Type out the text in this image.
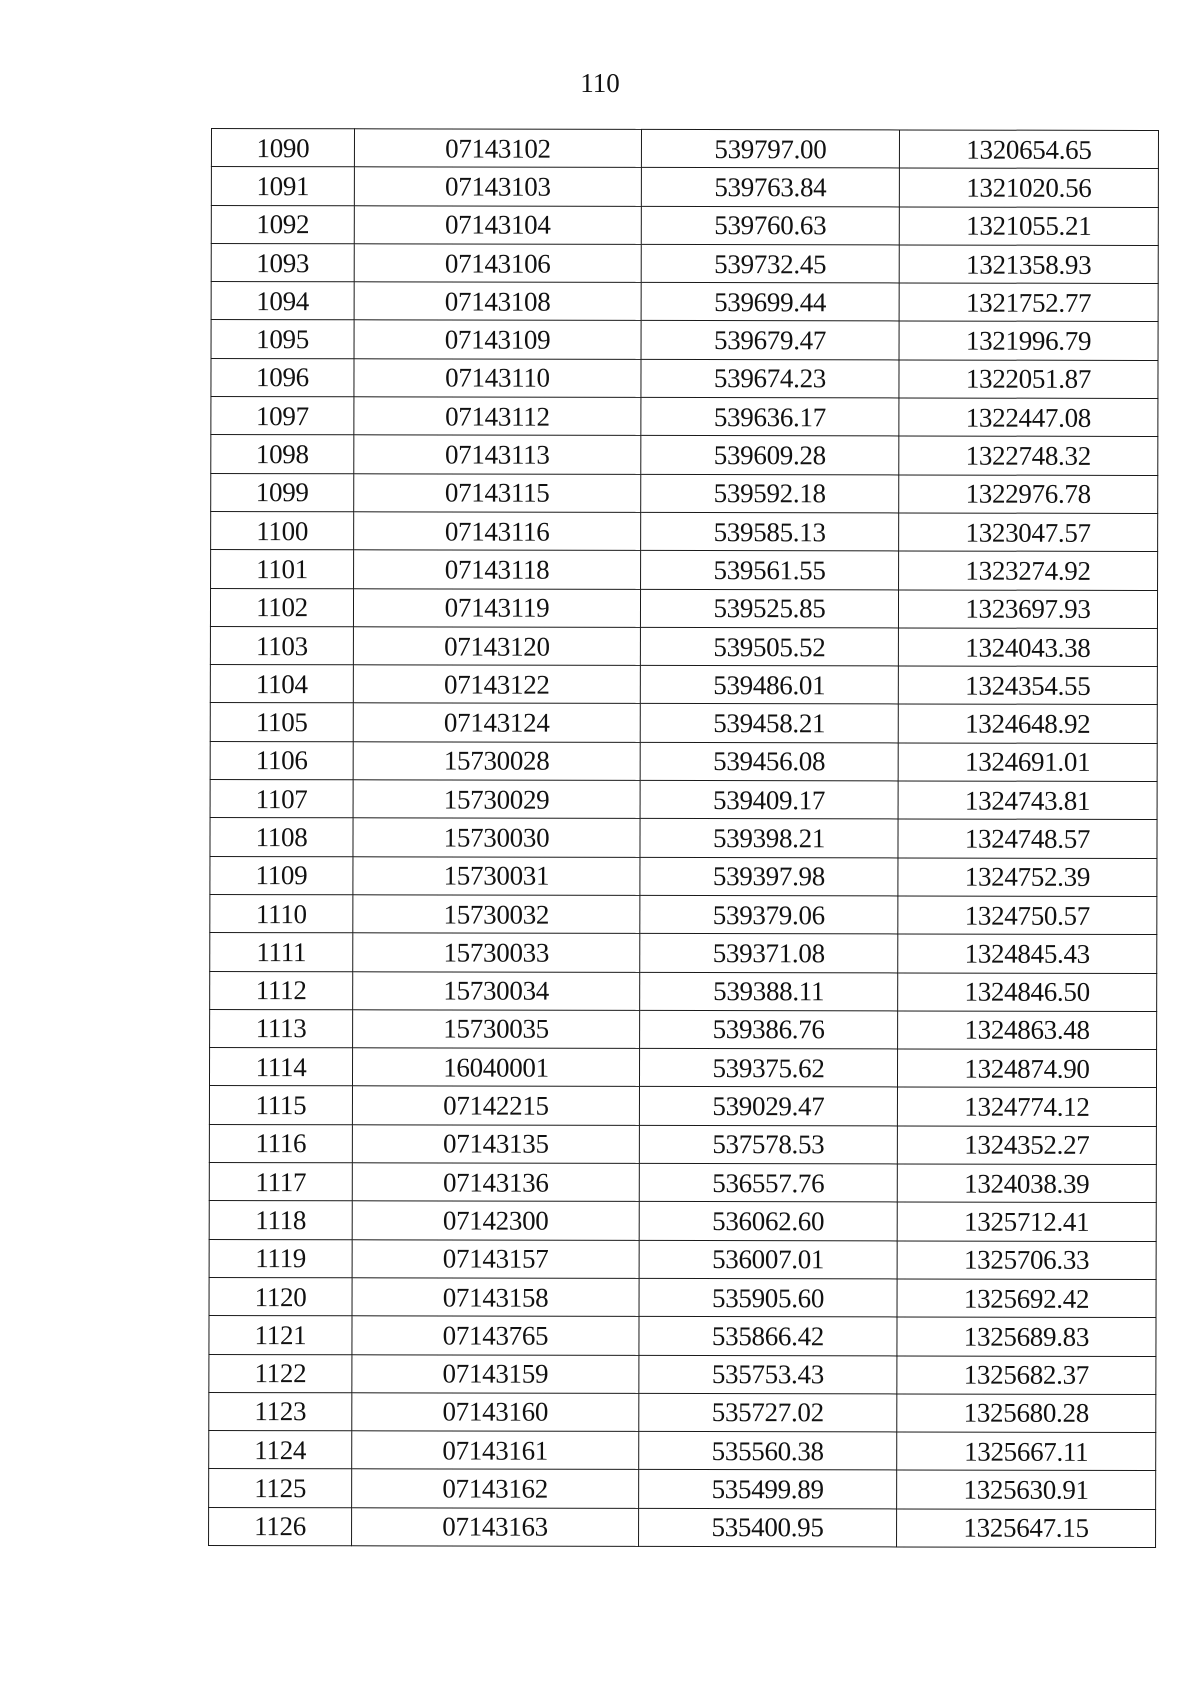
110
1090	07143102	539797.00	1320654.65
1091	07143103	539763.84	1321020.56
1092	07143104	539760.63	1321055.21
1093	07143106	539732.45	1321358.93
1094	07143108	539699.44	1321752.77
1095	07143109	539679.47	1321996.79
1096	07143110	539674.23	1322051.87
1097	07143112	539636.17	1322447.08
1098	07143113	539609.28	1322748.32
1099	07143115	539592.18	1322976.78
1100	07143116	539585.13	1323047.57
1101	07143118	539561.55	1323274.92
1102	07143119	539525.85	1323697.93
1103	07143120	539505.52	1324043.38
1104	07143122	539486.01	1324354.55
1105	07143124	539458.21	1324648.92
1106	15730028	539456.08	1324691.01
1107	15730029	539409.17	1324743.81
1108	15730030	539398.21	1324748.57
1109	15730031	539397.98	1324752.39
1110	15730032	539379.06	1324750.57
1111	15730033	539371.08	1324845.43
1112	15730034	539388.11	1324846.50
1113	15730035	539386.76	1324863.48
1114	16040001	539375.62	1324874.90
1115	07142215	539029.47	1324774.12
1116	07143135	537578.53	1324352.27
1117	07143136	536557.76	1324038.39
1118	07142300	536062.60	1325712.41
1119	07143157	536007.01	1325706.33
1120	07143158	535905.60	1325692.42
1121	07143765	535866.42	1325689.83
1122	07143159	535753.43	1325682.37
1123	07143160	535727.02	1325680.28
1124	07143161	535560.38	1325667.11
1125	07143162	535499.89	1325630.91
1126	07143163	535400.95	1325647.15
